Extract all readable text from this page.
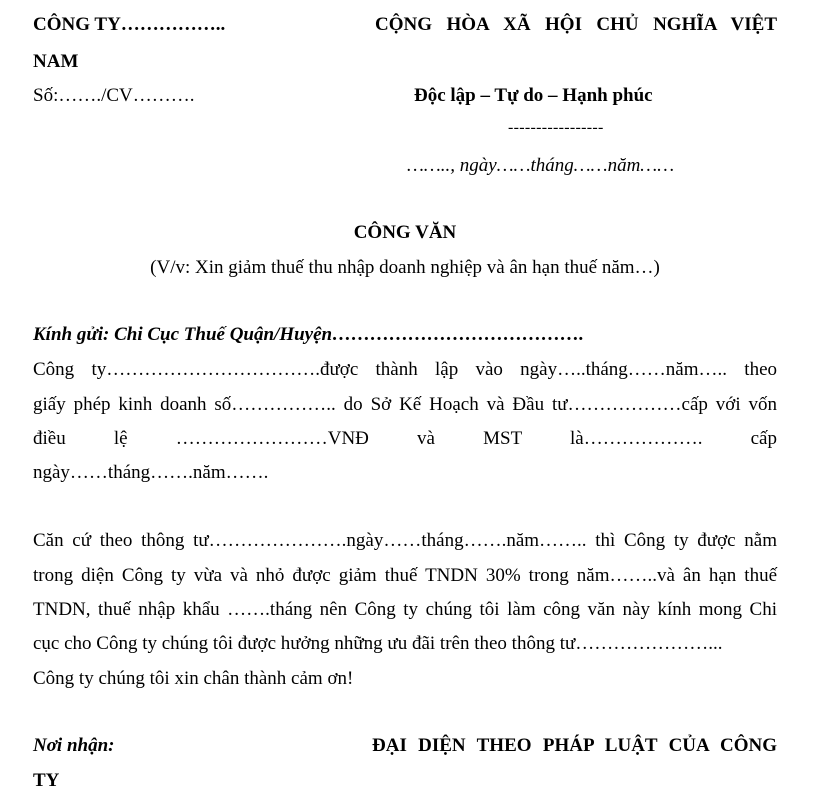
CÔNG TY……………..	CỘNG HÒA XÃ HỘI CHỦ NGHĨA VIỆT
NAM
Số:……./CV……….	Độc lập – Tự do – Hạnh phúc
-----------------
…….., ngày……tháng……năm……
CÔNG VĂN
(V/v: Xin giảm thuế thu nhập doanh nghiệp và ân hạn thuế năm…)
Kính gửi: Chi Cục Thuế Quận/Huyện………………………………….
Công ty…………………………….được thành lập vào ngày…..tháng……năm….. theo
giấy phép kinh doanh số…………….. do Sở Kế Hoạch và Đầu tư………………cấp với vốn
điều lệ ……………………VNĐ và MST là………………. cấp
ngày……tháng…….năm…….
Căn cứ theo thông tư………………….ngày……tháng…….năm…….. thì Công ty được nằm
trong diện Công ty vừa và nhỏ được giảm thuế TNDN 30% trong năm……..và ân hạn thuế
TNDN, thuế nhập khẩu …….tháng nên Công ty chúng tôi làm công văn này kính mong Chi
cục cho Công ty chúng tôi được hưởng những ưu đãi trên theo thông tư…………………...
Công ty chúng tôi xin chân thành cảm ơn!
Nơi nhận:	ĐẠI DIỆN THEO PHÁP LUẬT CỦA CÔNG
TY
